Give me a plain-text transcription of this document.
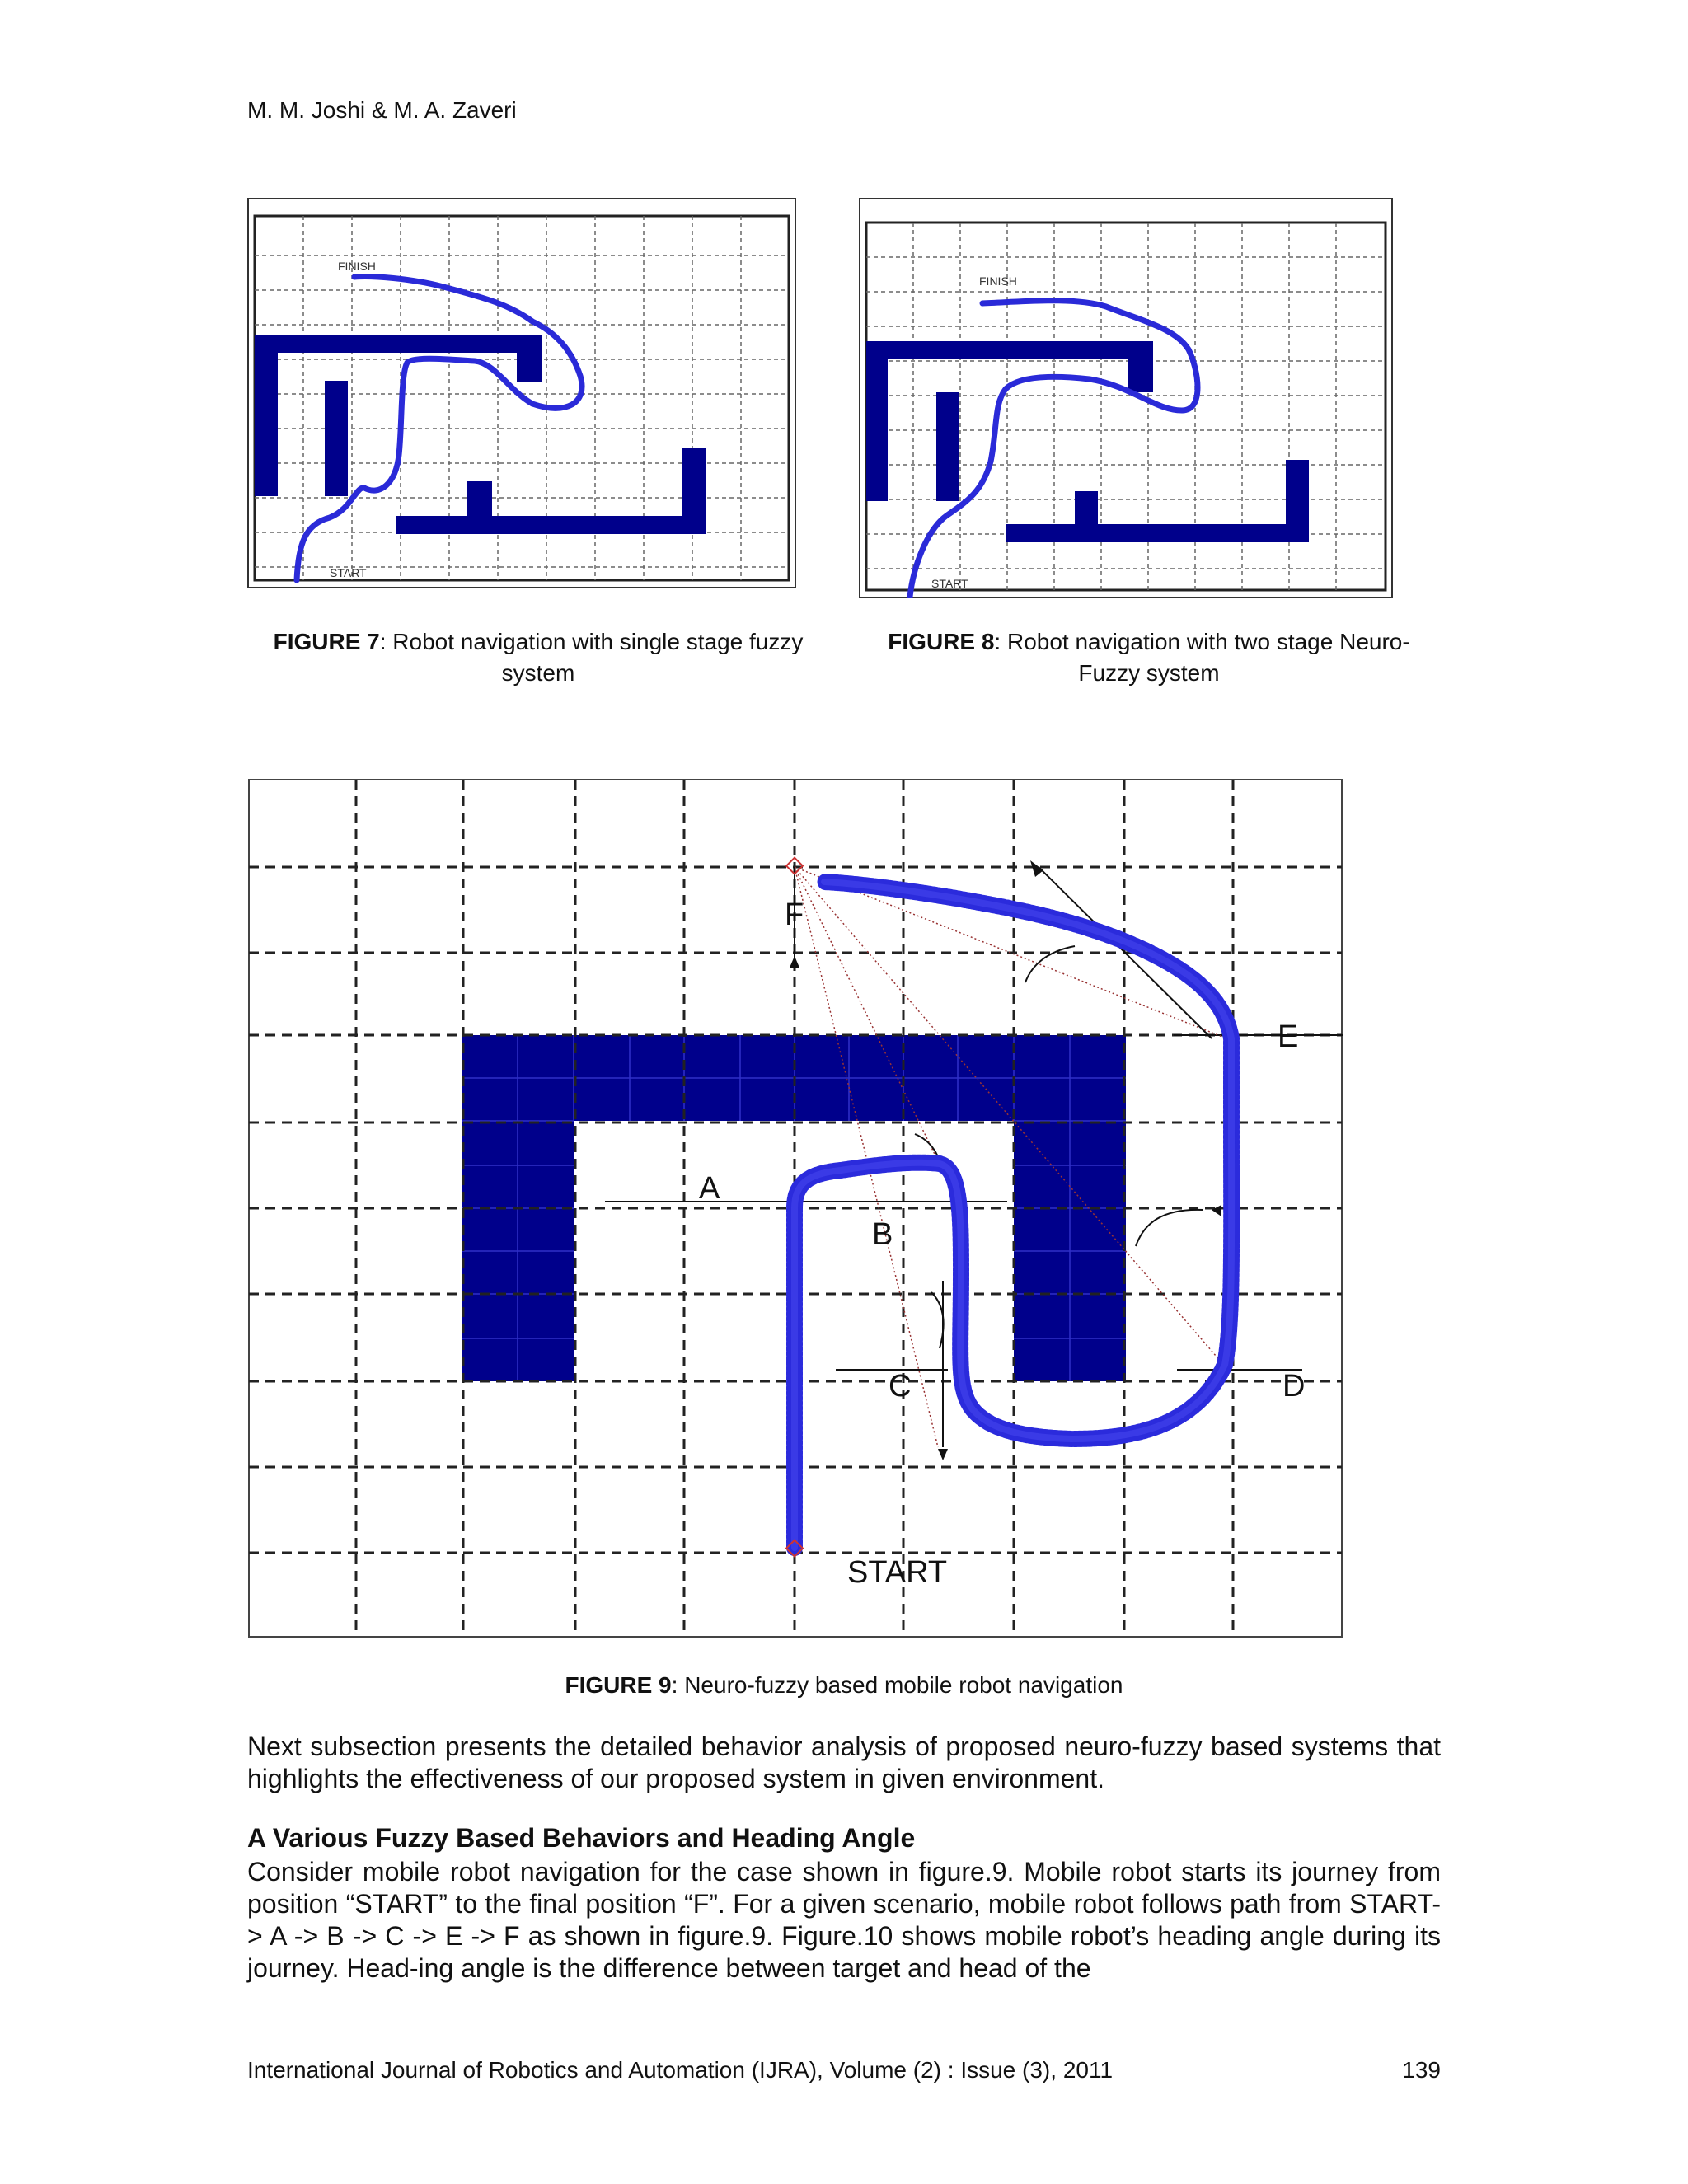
M. M. Joshi & M. A. Zaveri
FINISH
START
FINISH
START
FIGURE 7: Robot navigation with single stage fuzzy
system
FIGURE 8: Robot navigation with two stage Neuro-
Fuzzy system
F
A
B
C	D
E
START
FIGURE 9: Neuro-fuzzy based mobile robot navigation
Next subsection presents the detailed behavior analysis of proposed neuro-fuzzy based systems that highlights the effectiveness of our proposed system in given environment.
A Various Fuzzy Based Behaviors and Heading Angle
Consider mobile robot navigation for the case shown in figure.9. Mobile robot starts its journey from position “START” to the final position “F”. For a given scenario, mobile robot follows path from START-> A -> B -> C -> E -> F as shown in figure.9. Figure.10 shows mobile robot’s heading angle during its journey. Head-ing angle is the difference between target and head of the
International Journal of Robotics and Automation (IJRA), Volume (2) : Issue (3), 2011	139
